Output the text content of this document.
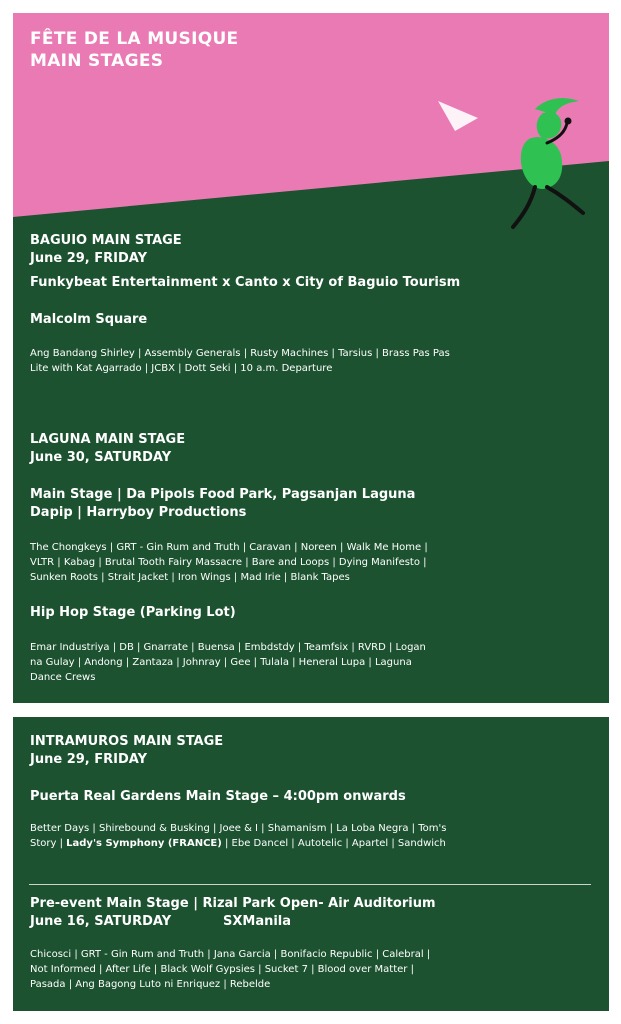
FÊTE DE LA MUSIQUE
MAIN STAGES
BAGUIO MAIN STAGE
June 29, FRIDAY
Funkybeat Entertainment x Canto x City of Baguio Tourism
Malcolm Square
Ang Bandang Shirley | Assembly Generals | Rusty Machines | Tarsius | Brass Pas Pas
Lite with Kat Agarrado | JCBX | Dott Seki | 10 a.m. Departure
LAGUNA MAIN STAGE
June 30, SATURDAY
Main Stage | Da Pipols Food Park, Pagsanjan Laguna
Dapip | Harryboy Productions
The Chongkeys | GRT - Gin Rum and Truth | Caravan | Noreen | Walk Me Home |
VLTR | Kabag | Brutal Tooth Fairy Massacre | Bare and Loops | Dying Manifesto |
Sunken Roots | Strait Jacket | Iron Wings | Mad Irie | Blank Tapes
Hip Hop Stage (Parking Lot)
Emar Industriya | DB | Gnarrate | Buensa | Embdstdy | Teamfsix | RVRD | Logan
na Gulay | Andong | Zantaza | Johnray | Gee | Tulala | Heneral Lupa | Laguna
Dance Crews
INTRAMUROS MAIN STAGE
June 29, FRIDAY
Puerta Real Gardens Main Stage – 4:00pm onwards
Better Days | Shirebound & Busking | Joee & I | Shamanism | La Loba Negra | Tom's
Story | Lady's Symphony (FRANCE) | Ebe Dancel | Autotelic | Apartel | Sandwich
Pre-event Main Stage | Rizal Park Open- Air Auditorium
June 16, SATURDAY	SXManila
Chicosci | GRT - Gin Rum and Truth | Jana Garcia | Bonifacio Republic | Calebral |
Not Informed | After Life | Black Wolf Gypsies | Sucket 7 | Blood over Matter |
Pasada | Ang Bagong Luto ni Enriquez | Rebelde
